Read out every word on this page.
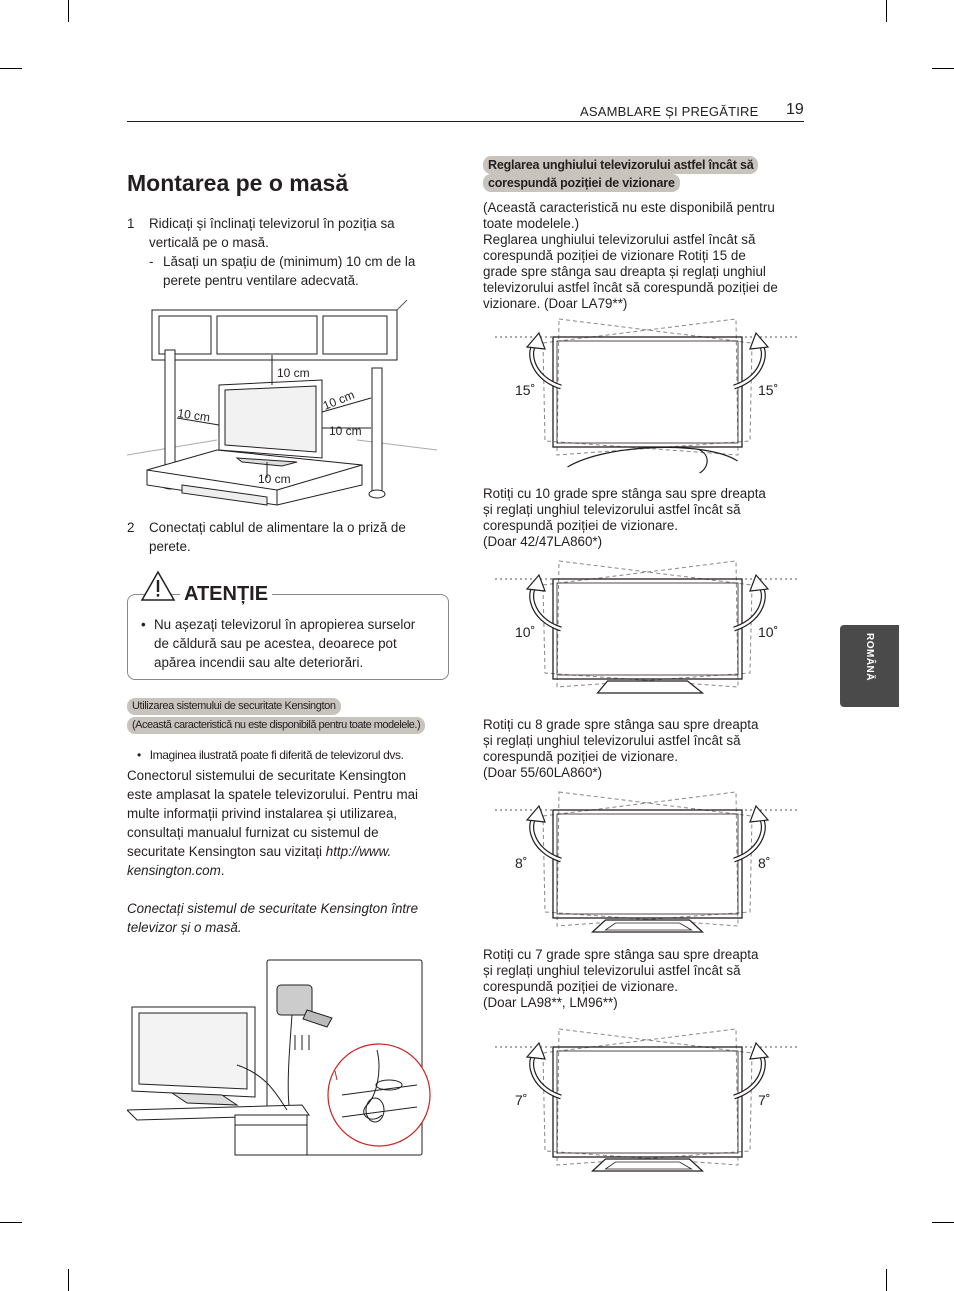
ASAMBLARE ȘI PREGĂTIRE 19
ROMÂNĂ
Montarea pe o masă
1 Ridicați și înclinați televizorul în poziția sa
verticală pe o masă.
- Lăsați un spațiu de (minimum) 10 cm de la
perete pentru ventilare adecvată.
10 cm
10 cm
10 cm
10 cm
10 cm
2 Conectați cablul de alimentare la o priză de
perete.
ATENȚIE
• Nu așezați televizorul în apropierea surselor
de căldură sau pe acestea, deoarece pot
apărea incendii sau alte deteriorări.
Utilizarea sistemului de securitate Kensington
(Această caracteristică nu este disponibilă pentru toate modelele.)
• Imaginea ilustrată poate fi diferită de televizorul dvs.
Conectorul sistemului de securitate Kensington
este amplasat la spatele televizorului. Pentru mai
multe informații privind instalarea și utilizarea,
consultați manualul furnizat cu sistemul de
securitate Kensington sau vizitați http://www.
kensington.com.
Conectați sistemul de securitate Kensington între
televizor și o masă.
Reglarea unghiului televizorului astfel încât să
corespundă poziției de vizionare
(Această caracteristică nu este disponibilă pentru
toate modelele.)
Reglarea unghiului televizorului astfel încât să
corespundă poziției de vizionare Rotiți 15 de
grade spre stânga sau dreapta și reglați unghiul
televizorului astfel încât să corespundă poziției de
vizionare. (Doar LA79**)
15˚	15˚
Rotiți cu 10 grade spre stânga sau spre dreapta
și reglați unghiul televizorului astfel încât să
corespundă poziției de vizionare.
(Doar 42/47LA860*)
10˚	10˚
Rotiți cu 8 grade spre stânga sau spre dreapta
și reglați unghiul televizorului astfel încât să
corespundă poziției de vizionare.
(Doar 55/60LA860*)
8˚	8˚
Rotiți cu 7 grade spre stânga sau spre dreapta
și reglați unghiul televizorului astfel încât să
corespundă poziției de vizionare.
(Doar LA98**, LM96**)
7˚	7˚
